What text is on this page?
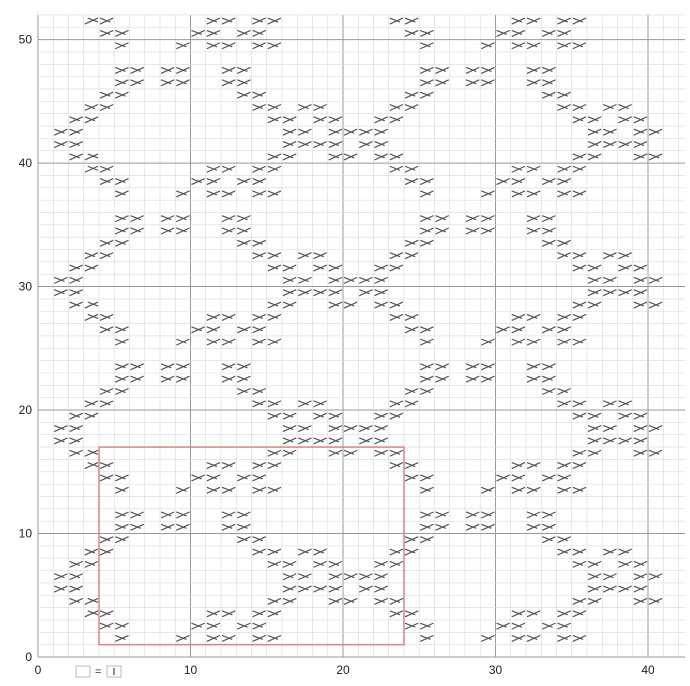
0	10	20	30	40
0
10
20
30
40
50
=
